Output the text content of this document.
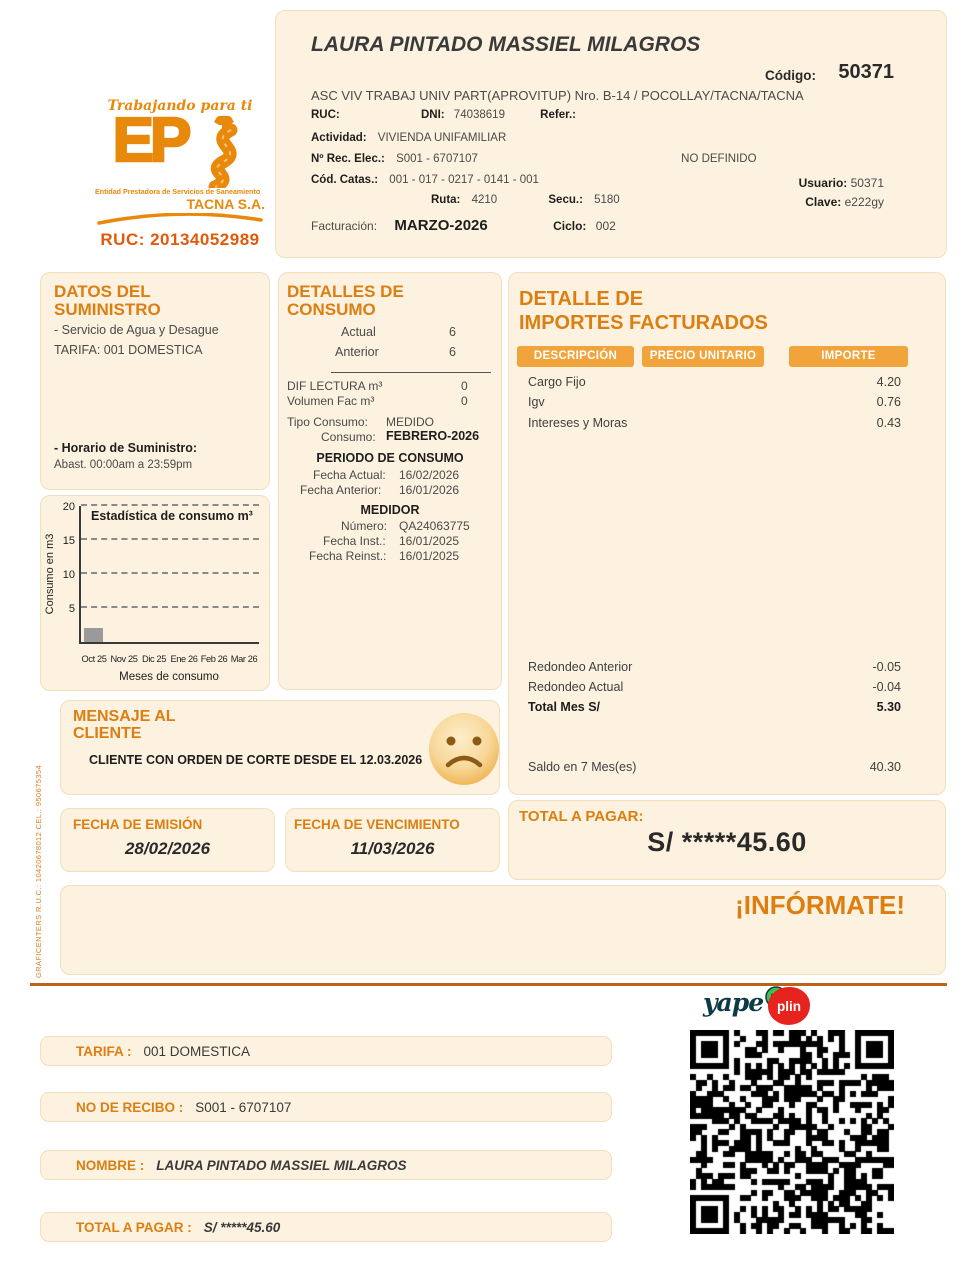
Trabajando para ti
EP
Entidad Prestadora de Servicios de Saneamiento
TACNA S.A.
RUC: 20134052989
LAURA PINTADO MASSIEL MILAGROS
Código: 50371
ASC VIV TRABAJ UNIV PART(APROVITUP) Nro. B-14 / POCOLLAY/TACNA/TACNA
RUC:	DNI: 74038619	Refer.:
Actividad: VIVIENDA UNIFAMILIAR
Nº Rec. Elec.: S001 - 6707107	NO DEFINIDO
Cód. Catas.: 001 - 017 - 0217 - 0141 - 001
Ruta: 4210	Secu.: 5180
Usuario: 50371
Clave: e222gy
Facturación: MARZO-2026	Ciclo: 002
DATOS DEL
SUMINISTRO
- Servicio de Agua y Desague
TARIFA: 001 DOMESTICA
- Horario de Suministro:
Abast. 00:00am a 23:59pm
Estadística de consumo m³
Consumo en m3	5
10
15
20
Oct 25 Nov 25 Dic 25 Ene 26 Feb 26 Mar 26
Meses de consumo
DETALLES DE
CONSUMO
Actual	6
Anterior	6
DIF LECTURA m³	0
Volumen Fac m³	0
Tipo Consumo: MEDIDO
Consumo: FEBRERO-2026
PERIODO DE CONSUMO
Fecha Actual: 16/02/2026
Fecha Anterior: 16/01/2026
MEDIDOR
Número: QA24063775
Fecha Inst.: 16/01/2025
Fecha Reinst.: 16/01/2025
DETALLE DE
IMPORTES FACTURADOS
DESCRIPCIÓN	PRECIO UNITARIO	IMPORTE
Cargo Fijo	4.20
Igv	0.76
Intereses y Moras	0.43
Redondeo Anterior	-0.05
Redondeo Actual	-0.04
Total Mes S/	5.30
Saldo en 7 Mes(es)	40.30
MENSAJE AL
CLIENTE
CLIENTE CON ORDEN DE CORTE DESDE EL 12.03.2026
FECHA DE EMISIÓN
28/02/2026
FECHA DE VENCIMIENTO
11/03/2026
TOTAL A PAGAR:
S/ *****45.60
¡INFÓRMATE!
GRAFICENTERS R.U.C.: 10420678012 CEL.: 950675354
yape plin
TARIFA : 001 DOMESTICA
NO DE RECIBO : S001 - 6707107
NOMBRE : LAURA PINTADO MASSIEL MILAGROS
TOTAL A PAGAR : S/ *****45.60
